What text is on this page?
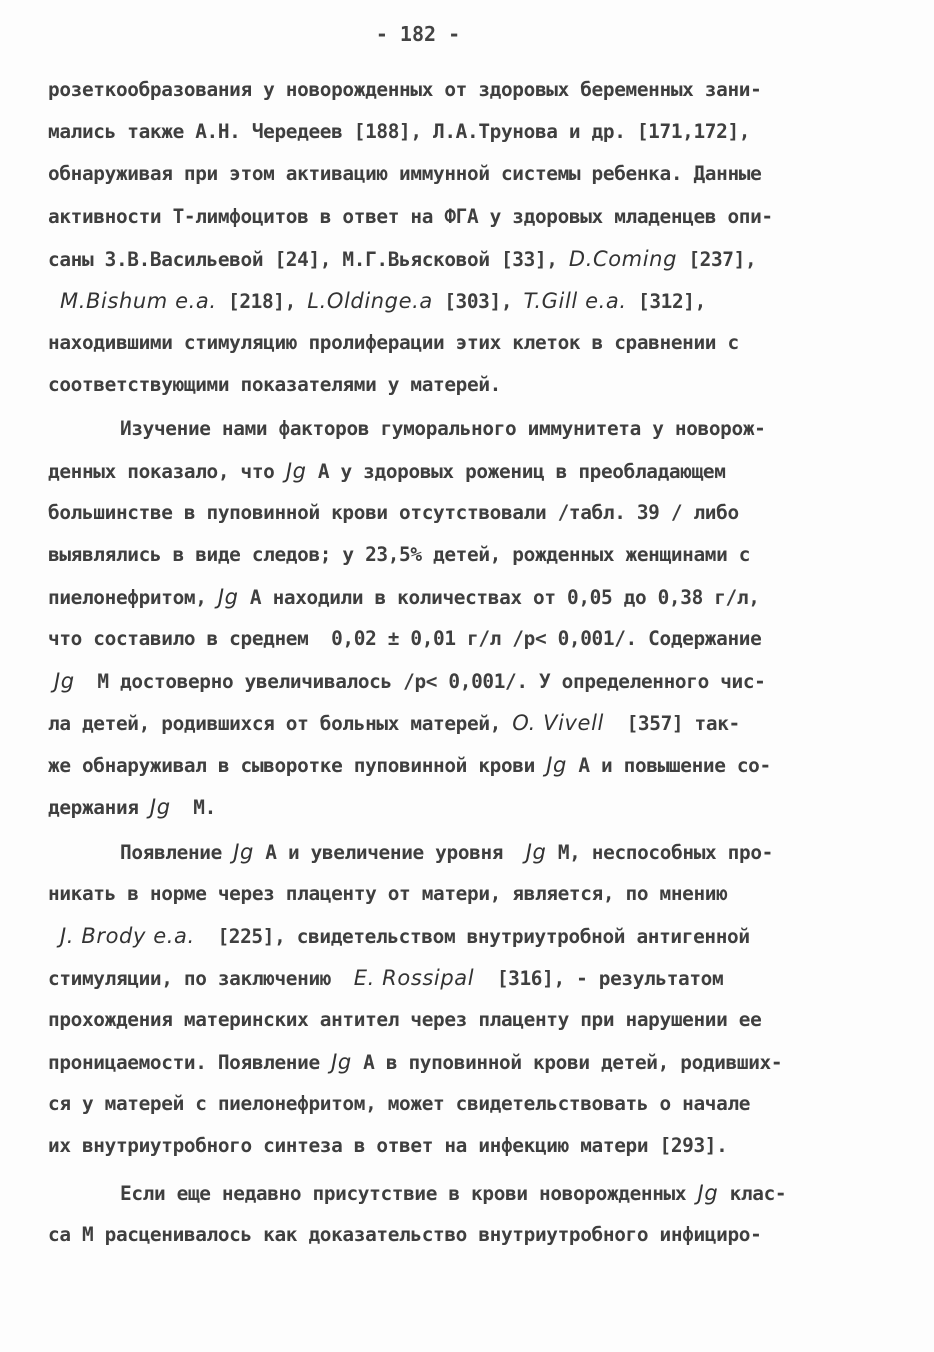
- 182 -
розеткообразования у новорожденных от здоровых беременных зани-
мались также А.Н. Чередеев [188], Л.А.Трунова и др. [171,172],
обнаруживая при этом активацию иммунной системы ребенка. Данные
активности Т-лимфоцитов в ответ на ФГА у здоровых младенцев опи-
саны З.В.Васильевой [24], М.Г.Вьясковой [33], D.Coming [237],
M.Bishum e.a. [218], L.Oldinge.a [303], T.Gill e.a. [312],
находившими стимуляцию пролиферации этих клеток в сравнении с
соответствующими показателями у матерей.
Изучение нами факторов гуморального иммунитета у новорож-
денных показало, что Jg A у здоровых рожениц в преобладающем
большинстве в пуповинной крови отсутствовали /табл. 39 / либо
выявлялись в виде следов; у 23,5% детей, рожденных женщинами с
пиелонефритом, Jg A находили в количествах от 0,05 до 0,38 г/л,
что составило в среднем  0,02 ± 0,01 г/л /p< 0,001/. Содержание
Jg  M достоверно увеличивалось /p< 0,001/. У определенного чис-
ла детей, родившихся от больных матерей, O. Vivell  [357] так-
же обнаруживал в сыворотке пуповинной крови Jg A и повышение со-
держания Jg  M.
Появление Jg A и увеличение уровня  Jg M, неспособных про-
никать в норме через плаценту от матери, является, по мнению
J. Brody e.a.  [225], свидетельством внутриутробной антигенной
стимуляции, по заключению  E. Rossipal  [316], - результатом
прохождения материнских антител через плаценту при нарушении ее
проницаемости. Появление Jg A в пуповинной крови детей, родивших-
ся у матерей с пиелонефритом, может свидетельствовать о начале
их внутриутробного синтеза в ответ на инфекцию матери [293].
Если еще недавно присутствие в крови новорожденных Jg клас-
са M расценивалось как доказательство внутриутробного инфициро-
